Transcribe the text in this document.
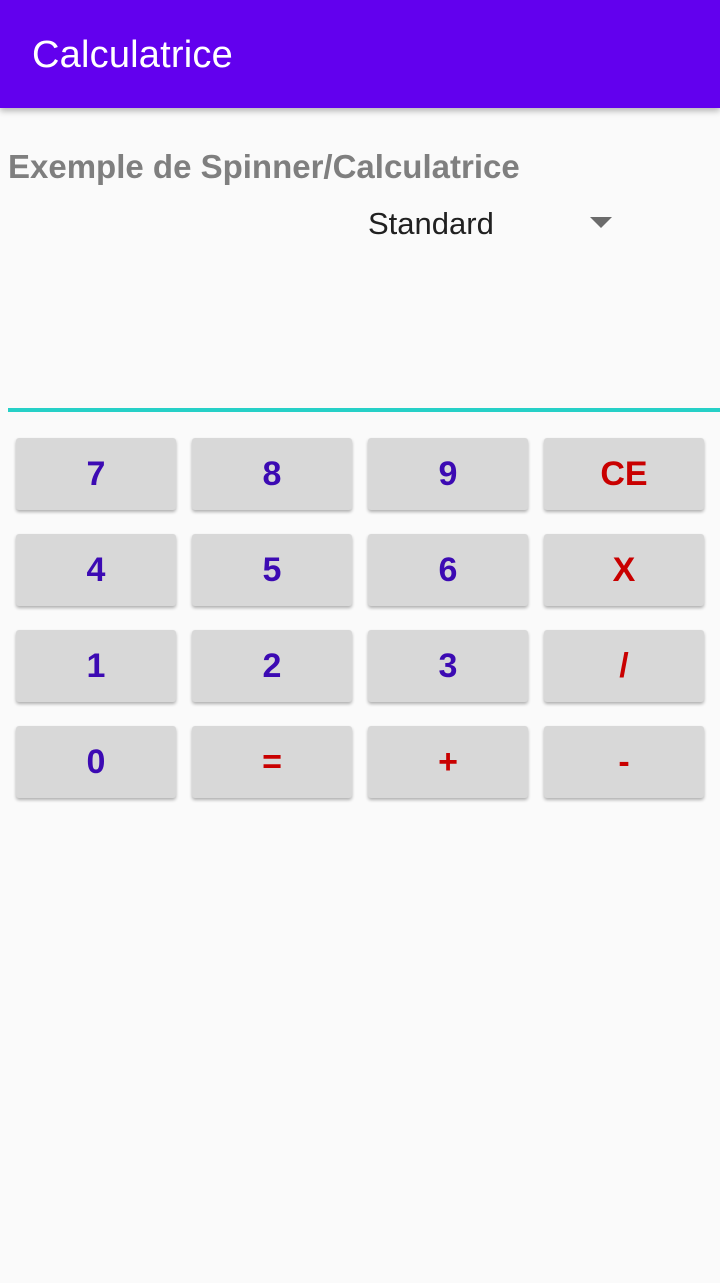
Calculatrice
Exemple de Spinner/Calculatrice
Standard
7	8	9	CE
4	5	6	X
1	2	3	/
0	=	+	-
